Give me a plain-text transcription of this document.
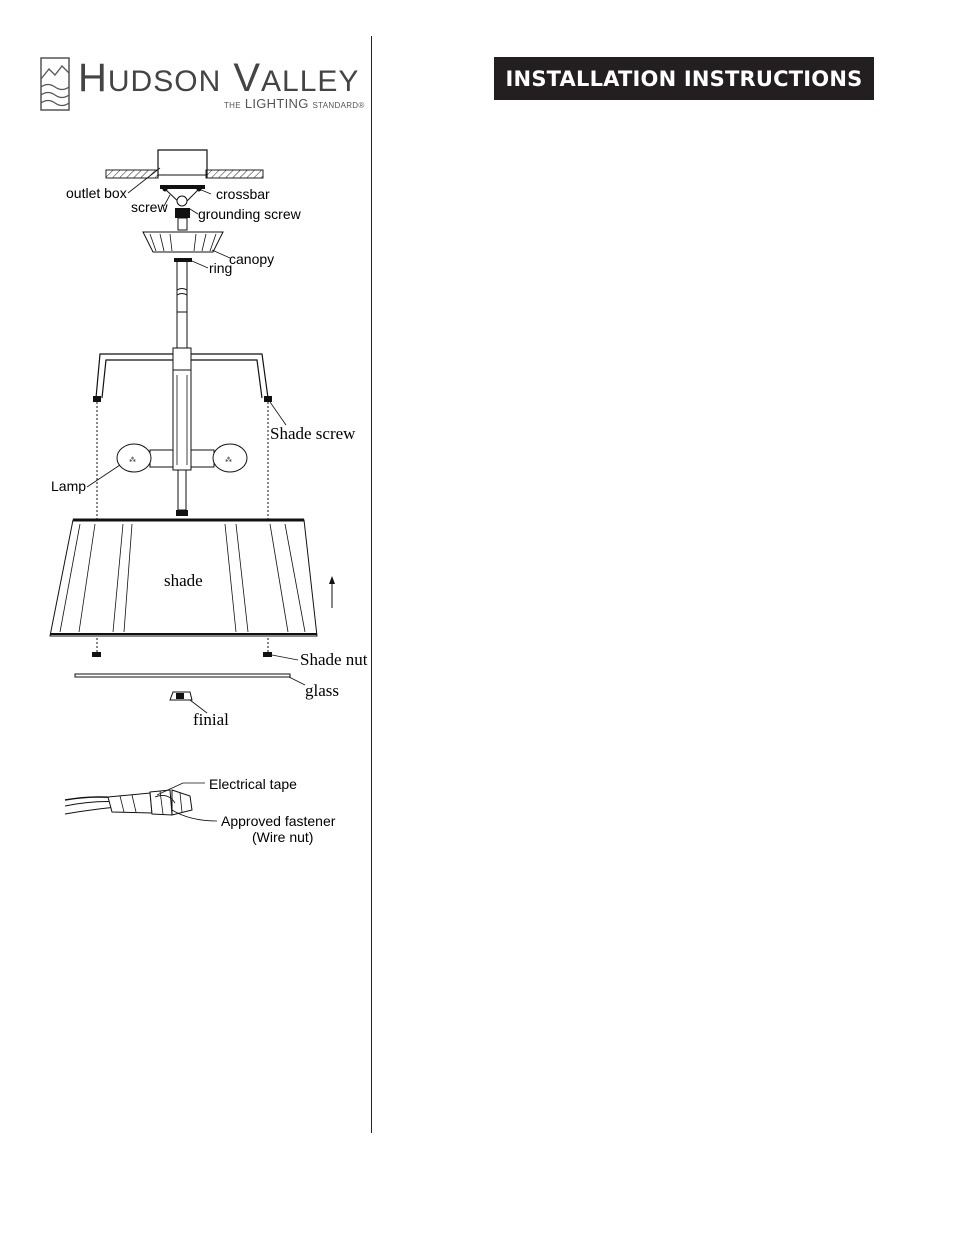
HUDSON VALLEY
THE LIGHTING STANDARD®
INSTALLATION INSTRUCTIONS
⁂	⁂
outlet box	crossbar
screw grounding screw
canopy
ring
Shade screw
Lamp
shade
Shade nut
glass
finial
Electrical tape
Approved fastener
(Wire nut)
